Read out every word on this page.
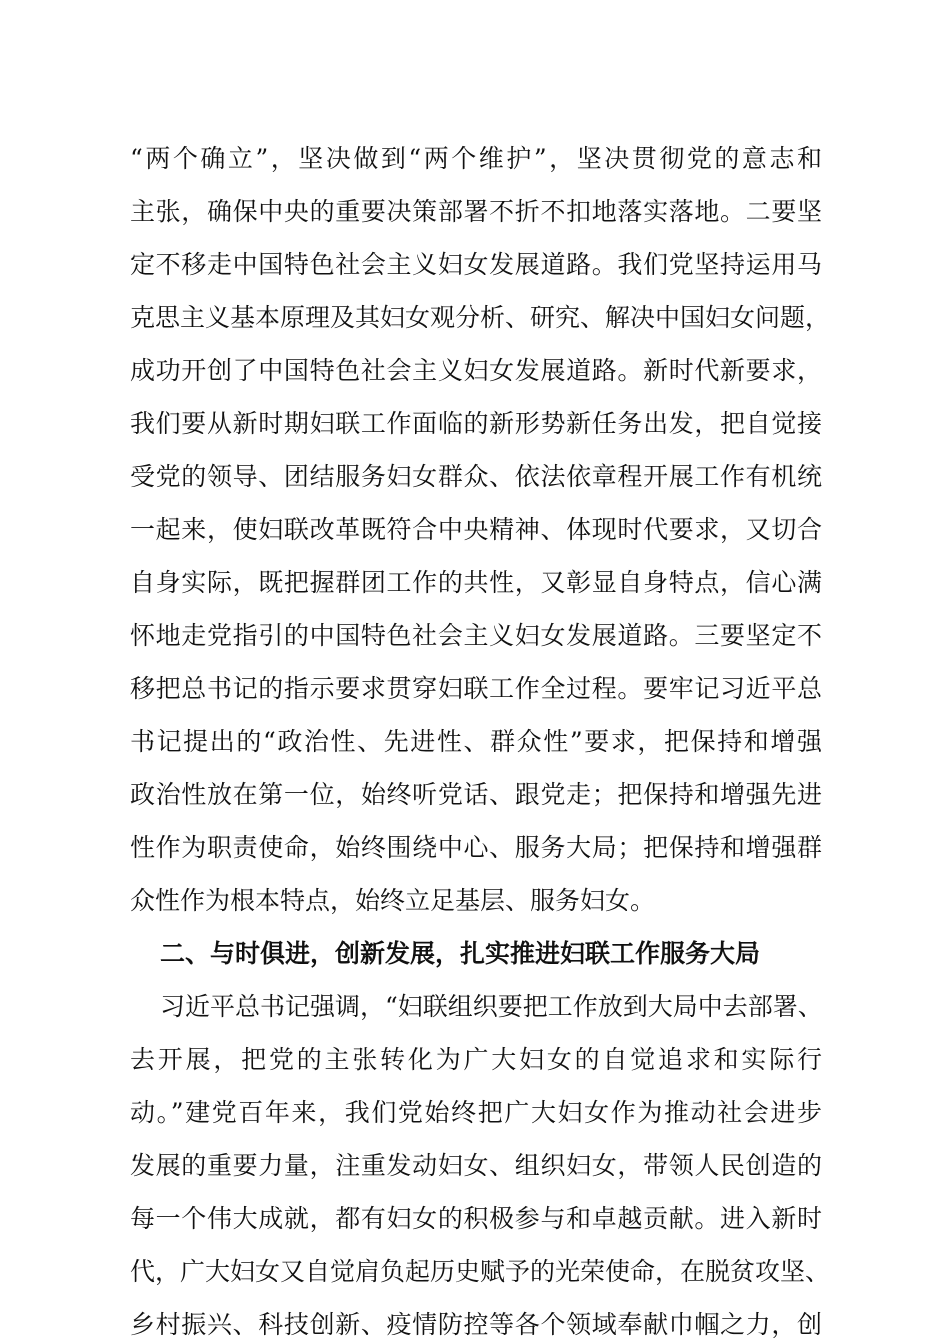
“两个确立”，坚决做到“两个维护”，坚决贯彻党的意志和
主张，确保中央的重要决策部署不折不扣地落实落地。二要坚
定不移走中国特色社会主义妇女发展道路。我们党坚持运用马
克思主义基本原理及其妇女观分析、研究、解决中国妇女问题，
成功开创了中国特色社会主义妇女发展道路。新时代新要求，
我们要从新时期妇联工作面临的新形势新任务出发，把自觉接
受党的领导、团结服务妇女群众、依法依章程开展工作有机统
一起来，使妇联改革既符合中央精神、体现时代要求，又切合
自身实际，既把握群团工作的共性，又彰显自身特点，信心满
怀地走党指引的中国特色社会主义妇女发展道路。三要坚定不
移把总书记的指示要求贯穿妇联工作全过程。要牢记习近平总
书记提出的“政治性、先进性、群众性”要求，把保持和增强
政治性放在第一位，始终听党话、跟党走；把保持和增强先进
性作为职责使命，始终围绕中心、服务大局；把保持和增强群
众性作为根本特点，始终立足基层、服务妇女。
二、与时俱进，创新发展，扎实推进妇联工作服务大局
习近平总书记强调，“妇联组织要把工作放到大局中去部署、
去开展，把党的主张转化为广大妇女的自觉追求和实际行
动。”建党百年来，我们党始终把广大妇女作为推动社会进步
发展的重要力量，注重发动妇女、组织妇女，带领人民创造的
每一个伟大成就，都有妇女的积极参与和卓越贡献。进入新时
代，广大妇女又自觉肩负起历史赋予的光荣使命，在脱贫攻坚、
乡村振兴、科技创新、疫情防控等各个领域奉献巾帼之力，创
